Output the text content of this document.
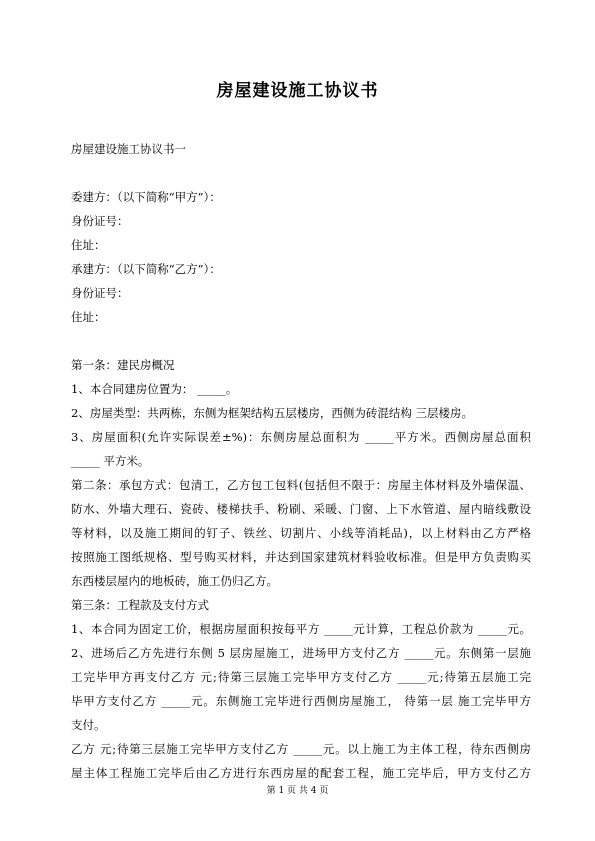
房屋建设施工协议书
房屋建设施工协议书一
委建方：（以下简称“甲方”）：
身份证号：
住址：
承建方：（以下简称“乙方”）：
身份证号：
住址：
第一条：建民房概况
1、本合同建房位置为： _____。
2、房屋类型：共两栋，东侧为框架结构五层楼房，西侧为砖混结构 三层楼房。
3、房屋面积(允许实际误差±%)：东侧房屋总面积为 _____平方米。西侧房屋总面积
_____ 平方米。
第二条：承包方式：包清工，乙方包工包料(包括但不限于：房屋主体材料及外墙保温、
防水、外墙大理石、瓷砖、楼梯扶手、粉刷、采暖、门窗、上下水管道、屋内暗线敷设
等材料，以及施工期间的钉子、铁丝、切割片、小线等消耗品)，以上材料由乙方严格
按照施工图纸规格、型号购买材料，并达到国家建筑材料验收标准。但是甲方负责购买
东西楼层屋内的地板砖，施工仍归乙方。
第三条：工程款及支付方式
1、本合同为固定工价，根据房屋面积按每平方 _____元计算，工程总价款为 _____元。
2、进场后乙方先进行东侧 5 层房屋施工，进场甲方支付乙方 _____元。东侧第一层施
工完毕甲方再支付乙方 元;待第三层施工完毕甲方支付乙方 _____元;待第五层施工完
毕甲方支付乙方 _____元。东侧施工完毕进行西侧房屋施工， 待第一层 施工完毕甲方
支付。
乙方 元;待第三层施工完毕甲方支付乙方 _____元。以上施工为主体工程，待东西侧房
屋主体工程施工完毕后由乙方进行东西房屋的配套工程，施工完毕后，甲方支付乙方
第 1 页 共 4 页
